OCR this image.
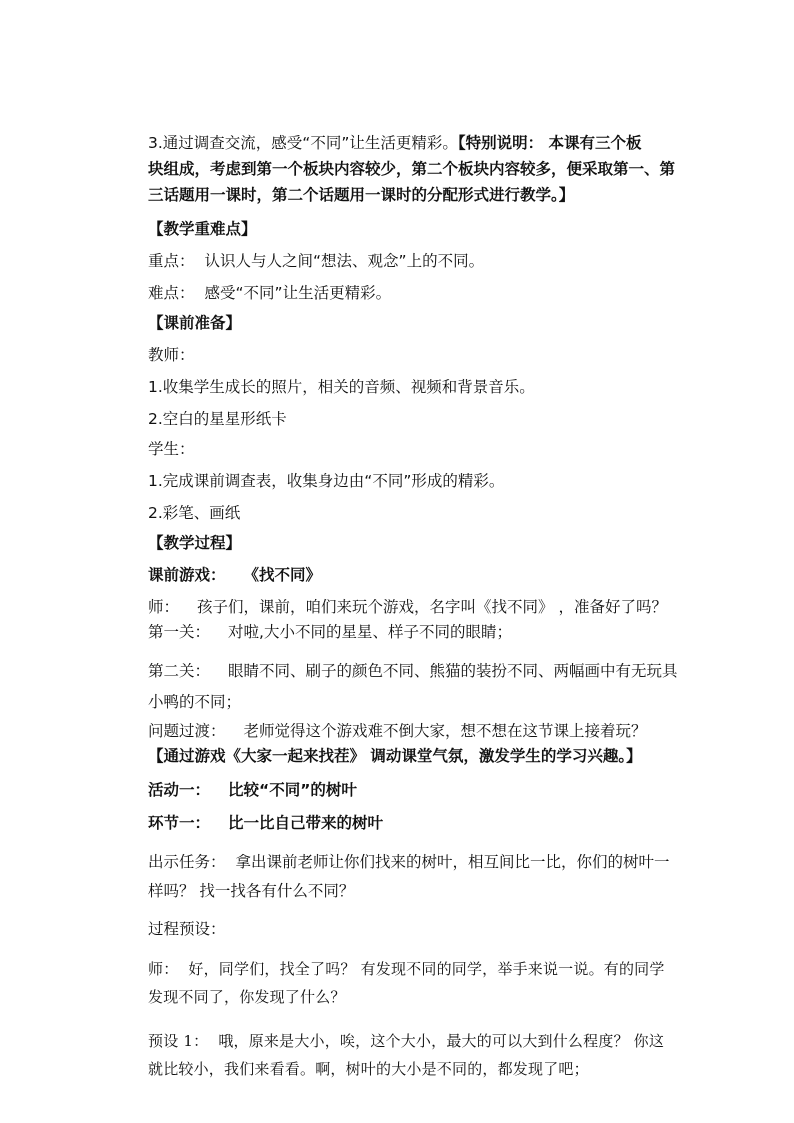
3.通过调查交流，感受“不同”让生活更精彩。【特别说明： 本课有三个板
块组成，考虑到第一个板块内容较少，第二个板块内容较多，便采取第一、第
三话题用一课时，第二个话题用一课时的分配形式进行教学。】
【教学重难点】
重点： 认识人与人之间“想法、观念”上的不同。
难点： 感受“不同”让生活更精彩。
【课前准备】
教师：
1.收集学生成长的照片，相关的音频、视频和背景音乐。
2.空白的星星形纸卡
学生：
1.完成课前调查表，收集身边由“不同”形成的精彩。
2.彩笔、画纸
【教学过程】
课前游戏： 《找不同》
师： 孩子们，课前，咱们来玩个游戏，名字叫《找不同》 ，准备好了吗？
第一关： 对啦,大小不同的星星、样子不同的眼睛；
第二关： 眼睛不同、刷子的颜色不同、熊猫的装扮不同、两幅画中有无玩具
小鸭的不同；
问题过渡： 老师觉得这个游戏难不倒大家，想不想在这节课上接着玩？
【通过游戏《大家一起来找茬》 调动课堂气氛，激发学生的学习兴趣。】
活动一： 比较“不同”的树叶
环节一： 比一比自己带来的树叶
出示任务： 拿出课前老师让你们找来的树叶，相互间比一比，你们的树叶一
样吗？ 找一找各有什么不同？
过程预设：
师： 好，同学们，找全了吗？ 有发现不同的同学，举手来说一说。有的同学
发现不同了，你发现了什么？
预设 1： 哦，原来是大小，唉，这个大小，最大的可以大到什么程度？ 你这
就比较小，我们来看看。啊，树叶的大小是不同的，都发现了吧；
